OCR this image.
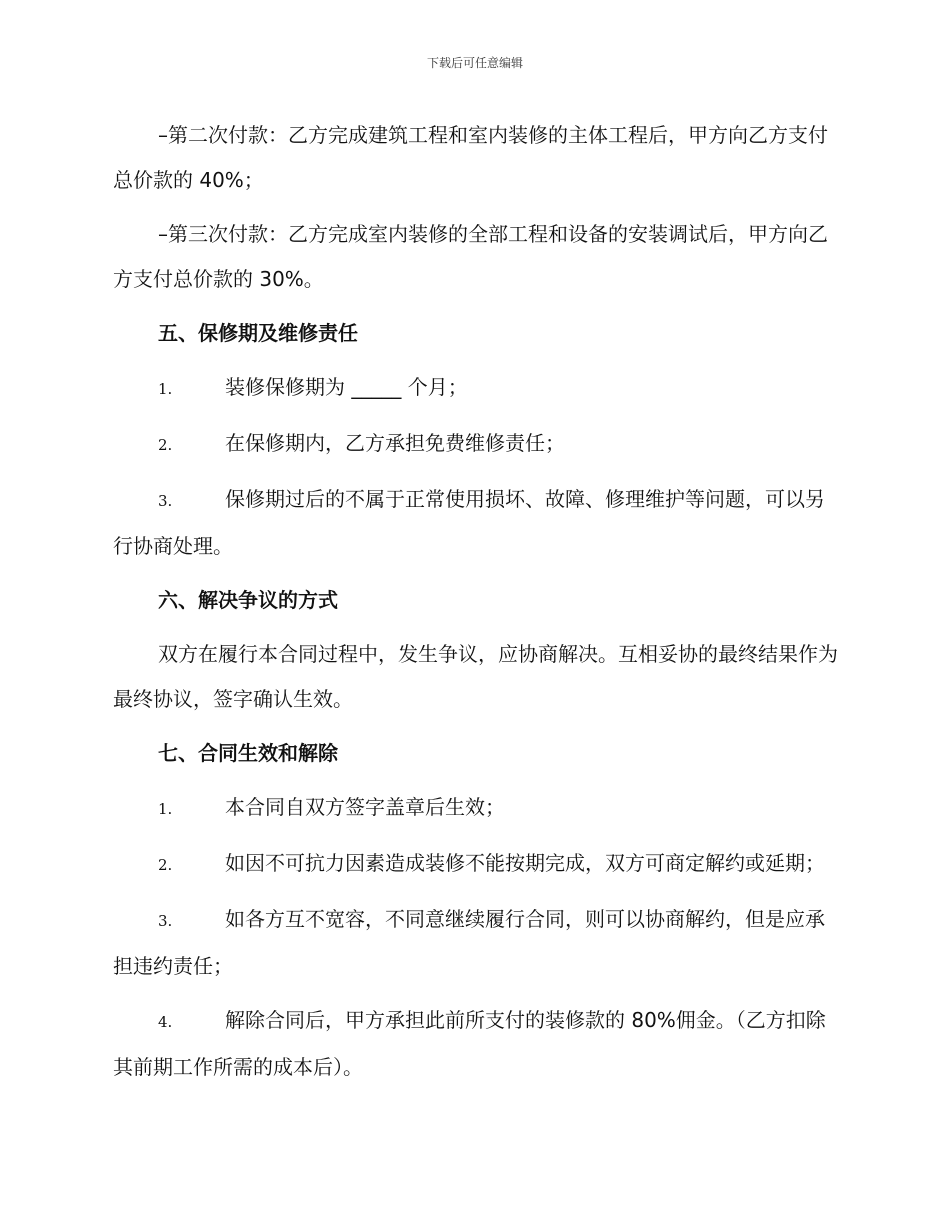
下载后可任意编辑

–第二次付款：乙方完成建筑工程和室内装修的主体工程后，甲方向乙方支付总价款的 40%；

–第三次付款：乙方完成室内装修的全部工程和设备的安装调试后，甲方向乙方支付总价款的 30%。

五、保修期及维修责任

1.	装修保修期为 _____ 个月；

2.	在保修期内，乙方承担免费维修责任；

3.	保修期过后的不属于正常使用损坏、故障、修理维护等问题，可以另行协商处理。

六、解决争议的方式

双方在履行本合同过程中，发生争议，应协商解决。互相妥协的最终结果作为最终协议，签字确认生效。

七、合同生效和解除

1.	本合同自双方签字盖章后生效；

2.	如因不可抗力因素造成装修不能按期完成，双方可商定解约或延期；

3.	如各方互不宽容，不同意继续履行合同，则可以协商解约，但是应承担违约责任；

4.	解除合同后，甲方承担此前所支付的装修款的 80%佣金。（乙方扣除其前期工作所需的成本后）。
